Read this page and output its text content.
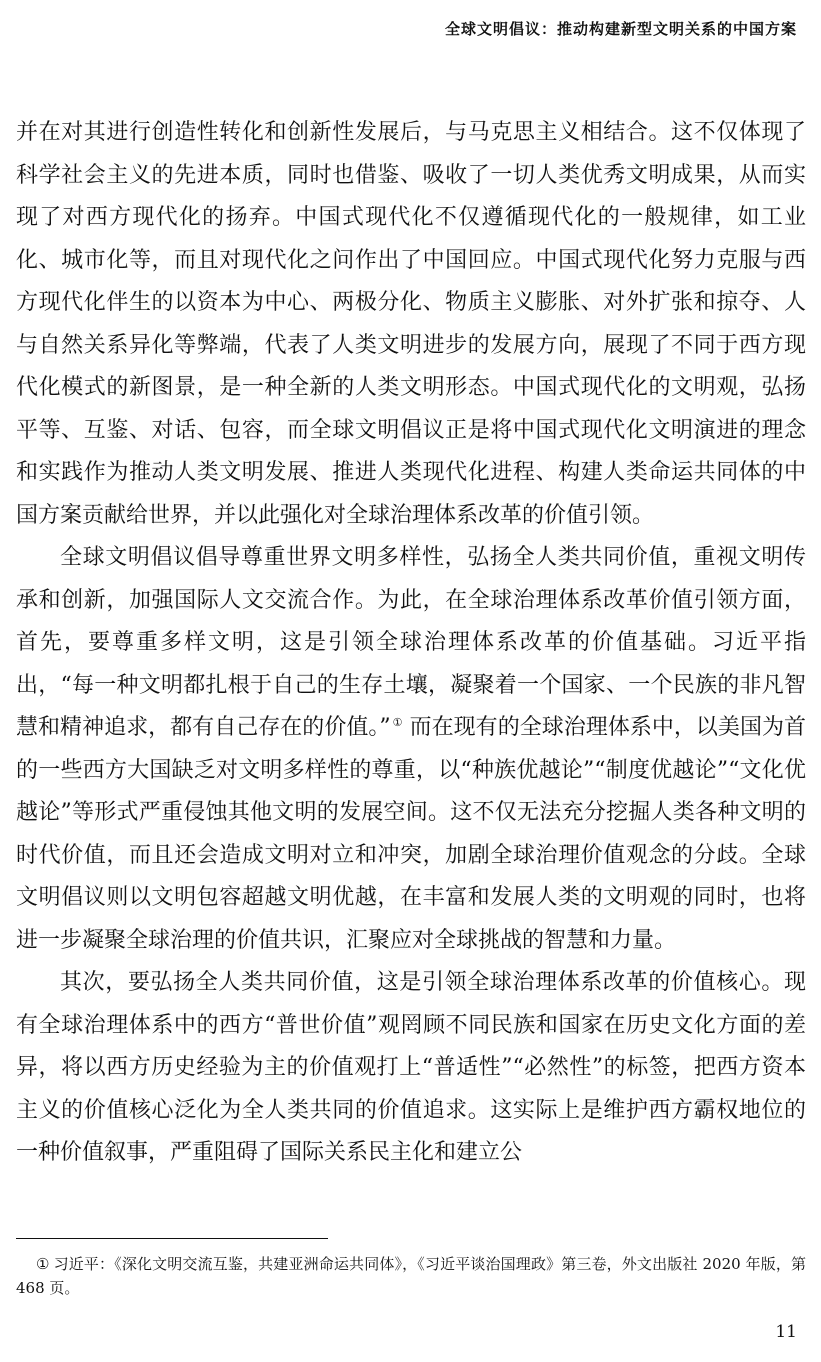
全球文明倡议：推动构建新型文明关系的中国方案

并在对其进行创造性转化和创新性发展后，与马克思主义相结合。这不仅体现了科学社会主义的先进本质，同时也借鉴、吸收了一切人类优秀文明成果，从而实现了对西方现代化的扬弃。中国式现代化不仅遵循现代化的一般规律，如工业化、城市化等，而且对现代化之问作出了中国回应。中国式现代化努力克服与西方现代化伴生的以资本为中心、两极分化、物质主义膨胀、对外扩张和掠夺、人与自然关系异化等弊端，代表了人类文明进步的发展方向，展现了不同于西方现代化模式的新图景，是一种全新的人类文明形态。中国式现代化的文明观，弘扬平等、互鉴、对话、包容，而全球文明倡议正是将中国式现代化文明演进的理念和实践作为推动人类文明发展、推进人类现代化进程、构建人类命运共同体的中国方案贡献给世界，并以此强化对全球治理体系改革的价值引领。

全球文明倡议倡导尊重世界文明多样性，弘扬全人类共同价值，重视文明传承和创新，加强国际人文交流合作。为此，在全球治理体系改革价值引领方面，首先，要尊重多样文明，这是引领全球治理体系改革的价值基础。习近平指出，“每一种文明都扎根于自己的生存土壤，凝聚着一个国家、一个民族的非凡智慧和精神追求，都有自己存在的价值。” ① 而在现有的全球治理体系中，以美国为首的一些西方大国缺乏对文明多样性的尊重，以“种族优越论”“制度优越论”“文化优越论”等形式严重侵蚀其他文明的发展空间。这不仅无法充分挖掘人类各种文明的时代价值，而且还会造成文明对立和冲突，加剧全球治理价值观念的分歧。全球文明倡议则以文明包容超越文明优越，在丰富和发展人类的文明观的同时，也将进一步凝聚全球治理的价值共识，汇聚应对全球挑战的智慧和力量。

其次，要弘扬全人类共同价值，这是引领全球治理体系改革的价值核心。现有全球治理体系中的西方“普世价值”观罔顾不同民族和国家在历史文化方面的差异，将以西方历史经验为主的价值观打上“普适性”“必然性”的标签，把西方资本主义的价值核心泛化为全人类共同的价值追求。这实际上是维护西方霸权地位的一种价值叙事，严重阻碍了国际关系民主化和建立公

① 习近平：《深化文明交流互鉴，共建亚洲命运共同体》，《习近平谈治国理政》第三卷，外文出版社 2020 年版，第 468 页。
11
